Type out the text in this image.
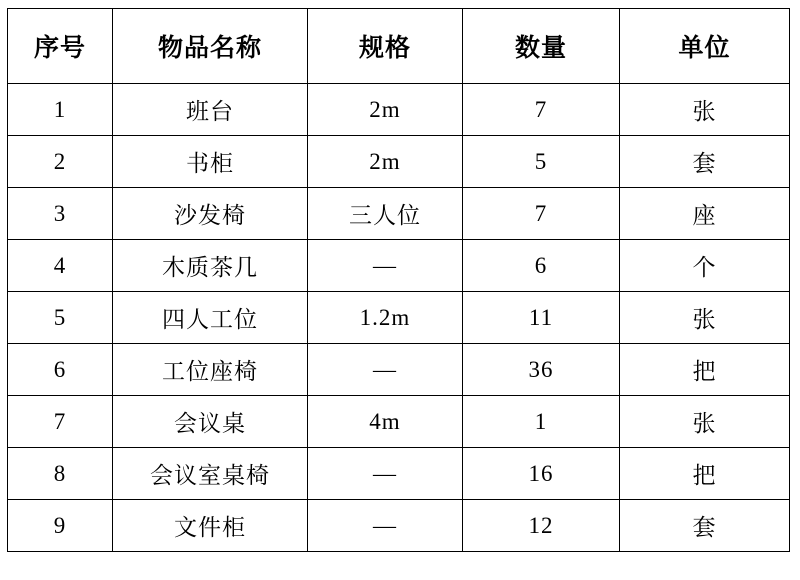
序号	物品名称	规格	数量	单位
1	班台	2m	7	张
2	书柜	2m	5	套
3	沙发椅	三人位	7	座
4	木质茶几	—	6	个
5	四人工位	1.2m	11	张
6	工位座椅	—	36	把
7	会议桌	4m	1	张
8	会议室桌椅	—	16	把
9	文件柜	—	12	套
